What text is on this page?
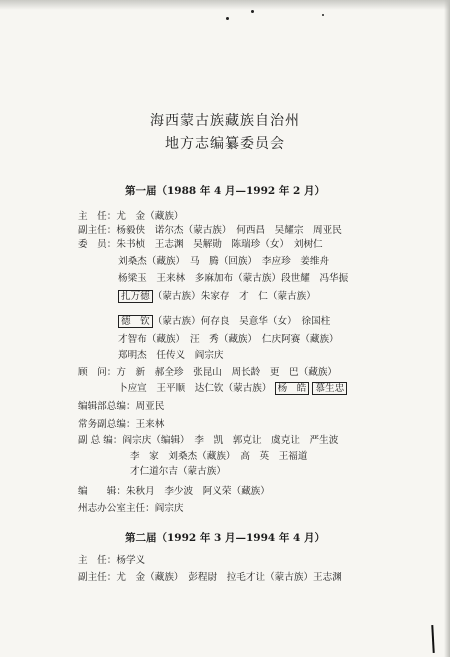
海西蒙古族藏族自治州
地方志编纂委员会
第一届（1988 年 4 月—1992 年 2 月）
主　任：尤　金（藏族）
副主任：杨毅侠　诺尔杰（蒙古族）　何西昌　吴耀宗　周亚民
委　员：朱书桢　王志渊　吴解勋　陈瑞珍（女）　刘树仁
刘桑杰（藏族）　马　腾（回族）　李应珍　姜维舟
杨梁玉　王来林　多麻加布（蒙古族）段世耀　冯华振
扎万德 （蒙古族）朱家存　才　仁（蒙古族）
德　钦 （蒙古族）何存良　吴意华（女）　徐国柱
才智布（藏族）　汪　秀（藏族）　仁庆阿赛（藏族）
郑明杰　任传义　阎宗庆
顾　问：方　新　郝全珍　张昆山　周长龄　更　巴（藏族）
卜应宣　王平顺　达仁钦（蒙古族） 杨　皓 慕生忠
编辑部总编：周亚民
常务副总编：王来林
副 总 编：阎宗庆（编辑）　李　凯　郭克让　虞克让　严生波
李　家　刘桑杰（藏族）　高　英　王福道
才仁道尔吉（蒙古族）
编　　辑：朱秋月　李少波　阿义荣（藏族）
州志办公室主任：阎宗庆
第二届（1992 年 3 月—1994 年 4 月）
主　任：杨学义
副主任：尤　金（藏族）　彭程尉　拉毛才让（蒙古族）王志渊
